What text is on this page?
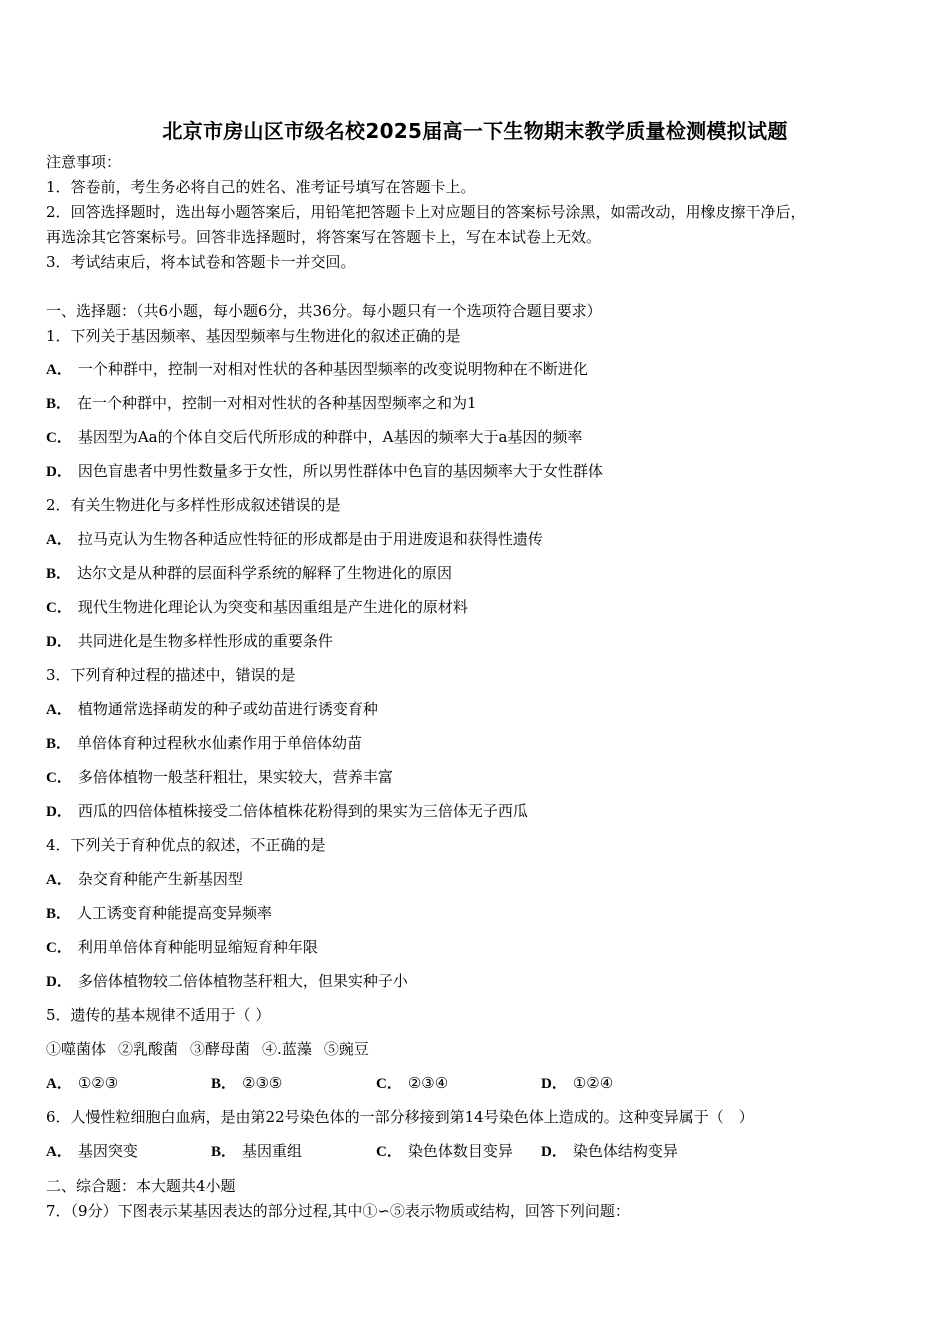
北京市房山区市级名校2025届高一下生物期末教学质量检测模拟试题
注意事项：
1．答卷前，考生务必将自己的姓名、准考证号填写在答题卡上。
2．回答选择题时，选出每小题答案后，用铅笔把答题卡上对应题目的答案标号涂黑，如需改动，用橡皮擦干净后，
再选涂其它答案标号。回答非选择题时，将答案写在答题卡上，写在本试卷上无效。
3．考试结束后，将本试卷和答题卡一并交回。
一、选择题：（共6小题，每小题6分，共36分。每小题只有一个选项符合题目要求）
1．下列关于基因频率、基因型频率与生物进化的叙述正确的是
A． 一个种群中，控制一对相对性状的各种基因型频率的改变说明物种在不断进化
B． 在一个种群中，控制一对相对性状的各种基因型频率之和为1
C． 基因型为Aa的个体自交后代所形成的种群中，A基因的频率大于a基因的频率
D． 因色盲患者中男性数量多于女性，所以男性群体中色盲的基因频率大于女性群体
2．有关生物进化与多样性形成叙述错误的是
A． 拉马克认为生物各种适应性特征的形成都是由于用进废退和获得性遗传
B． 达尔文是从种群的层面科学系统的解释了生物进化的原因
C． 现代生物进化理论认为突变和基因重组是产生进化的原材料
D． 共同进化是生物多样性形成的重要条件
3．下列育种过程的描述中，错误的是
A． 植物通常选择萌发的种子或幼苗进行诱变育种
B． 单倍体育种过程秋水仙素作用于单倍体幼苗
C． 多倍体植物一般茎秆粗壮，果实较大，营养丰富
D． 西瓜的四倍体植株接受二倍体植株花粉得到的果实为三倍体无子西瓜
4．下列关于育种优点的叙述，不正确的是
A． 杂交育种能产生新基因型
B． 人工诱变育种能提高变异频率
C． 利用单倍体育种能明显缩短育种年限
D． 多倍体植物较二倍体植物茎秆粗大，但果实种子小
5．遗传的基本规律不适用于（ ）
①噬菌体 ②乳酸菌 ③酵母菌 ④.蓝藻 ⑤豌豆
A． ①②③	B． ②③⑤	C． ②③④	D． ①②④
6．人慢性粒细胞白血病，是由第22号染色体的一部分移接到第14号染色体上造成的。这种变异属于（　）
A． 基因突变	B． 基因重组	C． 染色体数目变异 D． 染色体结构变异
二、综合题：本大题共4小题
7．（9分）下图表示某基因表达的部分过程,其中①∽⑤表示物质或结构，回答下列问题：
